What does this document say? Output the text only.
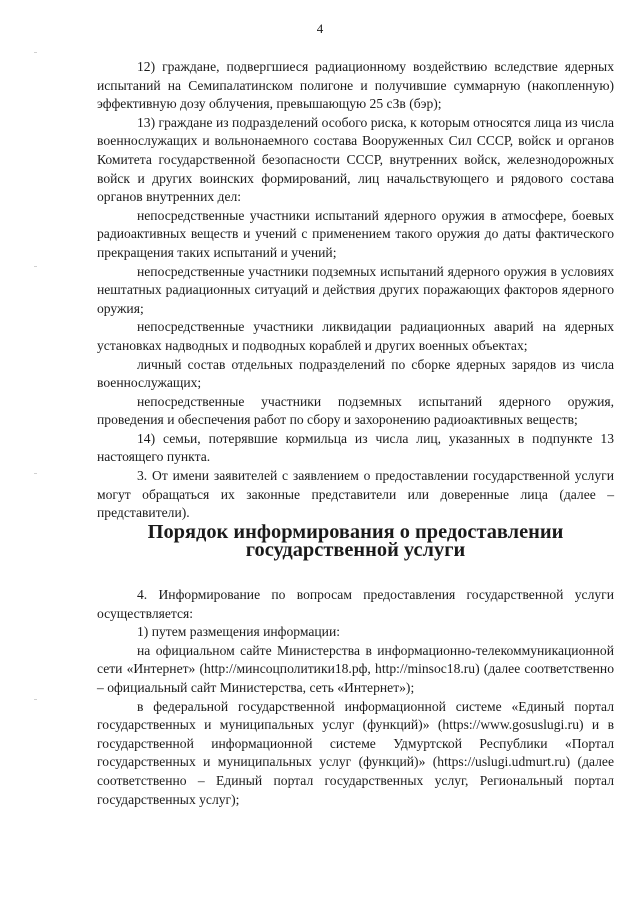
4

12) граждане, подвергшиеся радиационному воздействию вследствие ядерных испытаний на Семипалатинском полигоне и получившие суммарную (накопленную) эффективную дозу облучения, превышающую 25 сЗв (бэр);

13) граждане из подразделений особого риска, к которым относятся лица из числа военнослужащих и вольнонаемного состава Вооруженных Сил СССР, войск и органов Комитета государственной безопасности СССР, внутренних войск, железнодорожных войск и других воинских формирований, лиц начальствующего и рядового состава органов внутренних дел:

непосредственные участники испытаний ядерного оружия в атмосфере, боевых радиоактивных веществ и учений с применением такого оружия до даты фактического прекращения таких испытаний и учений;

непосредственные участники подземных испытаний ядерного оружия в условиях нештатных радиационных ситуаций и действия других поражающих факторов ядерного оружия;

непосредственные участники ликвидации радиационных аварий на ядерных установках надводных и подводных кораблей и других военных объектах;

личный состав отдельных подразделений по сборке ядерных зарядов из числа военнослужащих;

непосредственные участники подземных испытаний ядерного оружия, проведения и обеспечения работ по сбору и захоронению радиоактивных веществ;

14) семьи, потерявшие кормильца из числа лиц, указанных в подпункте 13 настоящего пункта.

3. От имени заявителей с заявлением о предоставлении государственной услуги могут обращаться их законные представители или доверенные лица (далее – представители).

Порядок информирования о предоставлении
государственной услуги

4. Информирование по вопросам предоставления государственной услуги осуществляется:

1) путем размещения информации:

на официальном сайте Министерства в информационно-телекоммуникационной сети «Интернет» (http://минсоцполитики18.рф, http://minsoc18.ru) (далее соответственно – официальный сайт Министерства, сеть «Интернет»);

в федеральной государственной информационной системе «Единый портал государственных и муниципальных услуг (функций)» (https://www.gosuslugi.ru) и в государственной информационной системе Удмуртской Республики «Портал государственных и муниципальных услуг (функций)» (https://uslugi.udmurt.ru) (далее соответственно – Единый портал государственных услуг, Региональный портал государственных услуг);
